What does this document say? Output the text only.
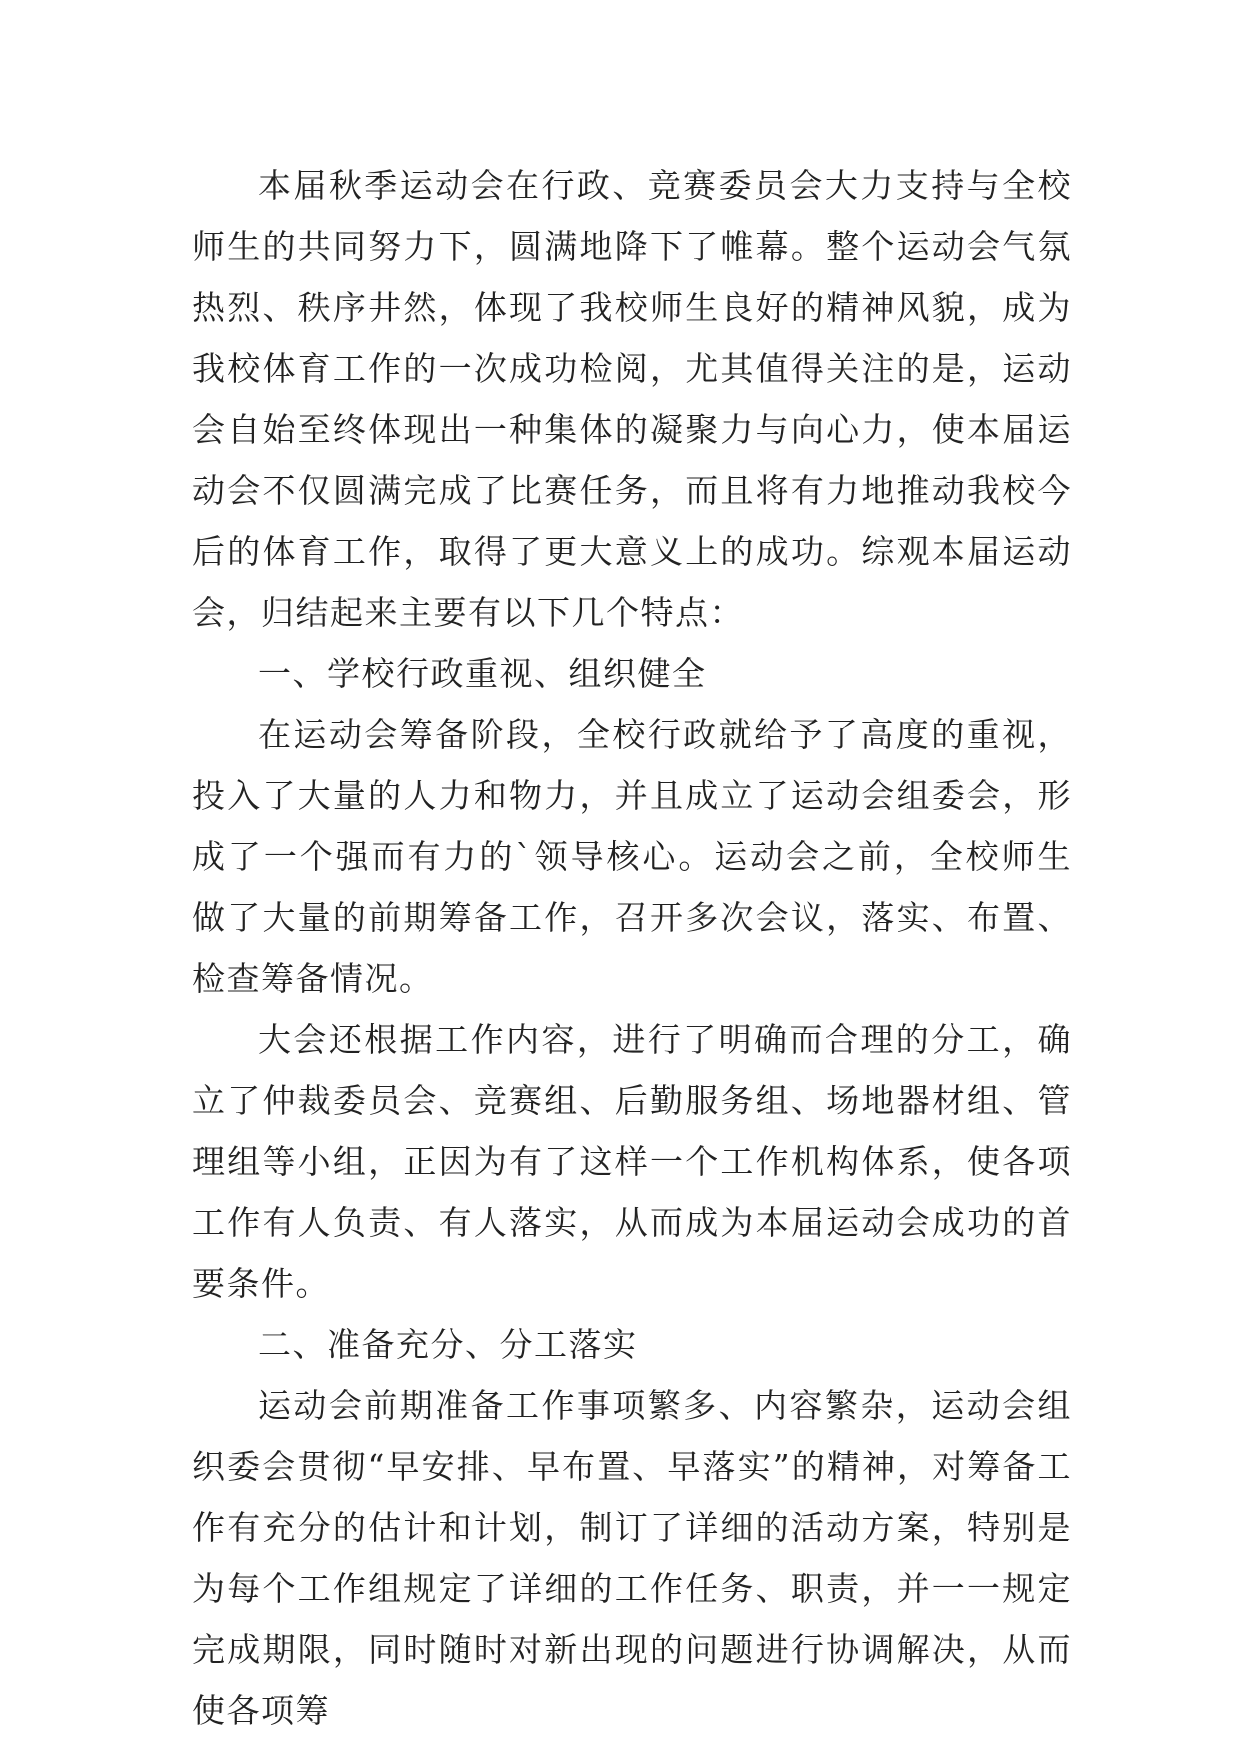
本届秋季运动会在行政、竞赛委员会大力支持与全校师生的共同努力下，圆满地降下了帷幕。整个运动会气氛热烈、秩序井然，体现了我校师生良好的精神风貌，成为我校体育工作的一次成功检阅，尤其值得关注的是，运动会自始至终体现出一种集体的凝聚力与向心力，使本届运动会不仅圆满完成了比赛任务，而且将有力地推动我校今后的体育工作，取得了更大意义上的成功。综观本届运动会，归结起来主要有以下几个特点：

一、学校行政重视、组织健全

在运动会筹备阶段，全校行政就给予了高度的重视，投入了大量的人力和物力，并且成立了运动会组委会，形成了一个强而有力的`领导核心。运动会之前，全校师生做了大量的前期筹备工作，召开多次会议，落实、布置、检查筹备情况。

大会还根据工作内容，进行了明确而合理的分工，确立了仲裁委员会、竞赛组、后勤服务组、场地器材组、管理组等小组，正因为有了这样一个工作机构体系，使各项工作有人负责、有人落实，从而成为本届运动会成功的首要条件。

二、准备充分、分工落实

运动会前期准备工作事项繁多、内容繁杂，运动会组织委会贯彻“早安排、早布置、早落实”的精神，对筹备工作有充分的估计和计划，制订了详细的活动方案，特别是为每个工作组规定了详细的工作任务、职责，并一一规定完成期限，同时随时对新出现的问题进行协调解决，从而使各项筹
